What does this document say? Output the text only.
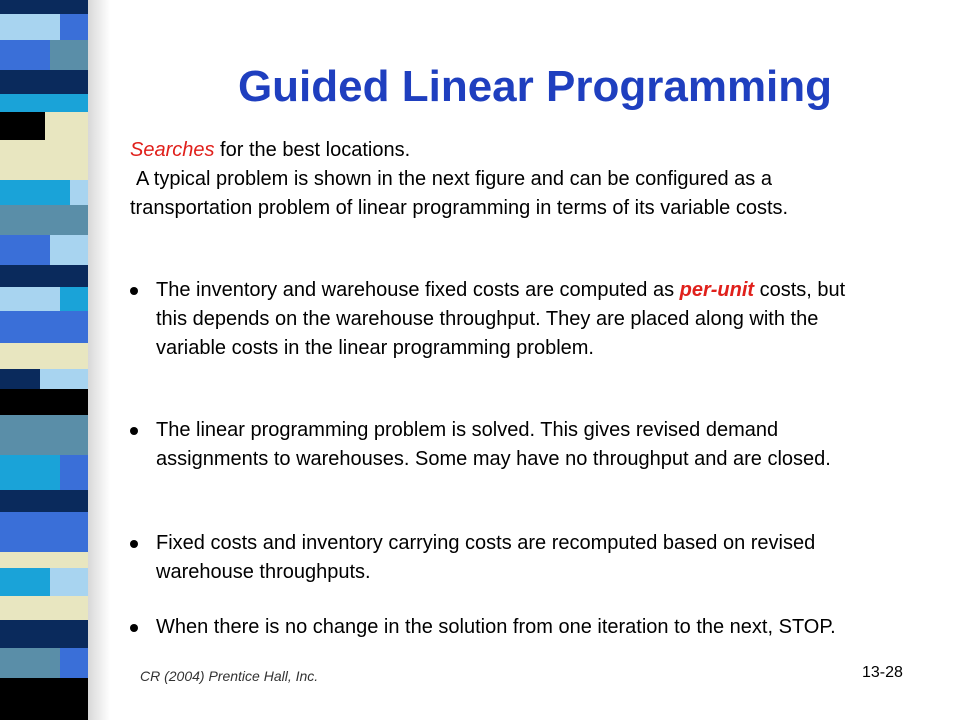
Guided Linear Programming

Searches for the best locations.

A typical problem is shown in the next figure and can be configured as a transportation problem of linear programming in terms of its variable costs.

The inventory and warehouse fixed costs are computed as per-unit costs, but this depends on the warehouse throughput. They are placed along with the variable costs in the linear programming problem.
The linear programming problem is solved. This gives revised demand assignments to warehouses. Some may have no throughput and are closed.
Fixed costs and inventory carrying costs are recomputed based on revised warehouse throughputs.
When there is no change in the solution from one iteration to the next, STOP.
CR (2004) Prentice Hall, Inc.	13-28
